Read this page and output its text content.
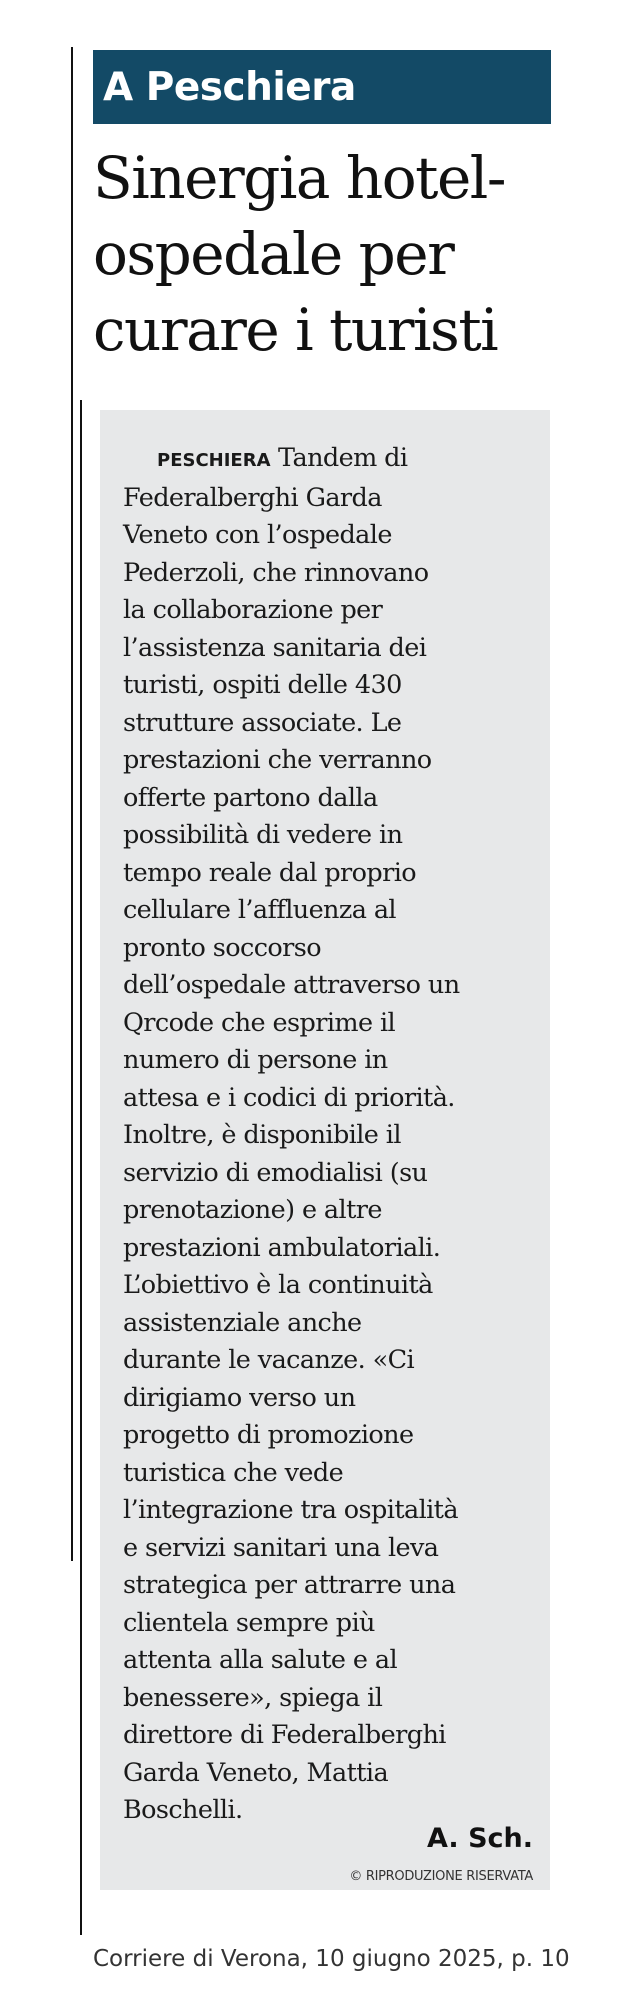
A Peschiera
Sinergia hotel-
ospedale per
curare i turisti
PESCHIERA Tandem di
Federalberghi Garda
Veneto con l’ospedale
Pederzoli, che rinnovano
la collaborazione per
l’assistenza sanitaria dei
turisti, ospiti delle 430
strutture associate. Le
prestazioni che verranno
offerte partono dalla
possibilità di vedere in
tempo reale dal proprio
cellulare l’affluenza al
pronto soccorso
dell’ospedale attraverso un
Qrcode che esprime il
numero di persone in
attesa e i codici di priorità.
Inoltre, è disponibile il
servizio di emodialisi (su
prenotazione) e altre
prestazioni ambulatoriali.
L’obiettivo è la continuità
assistenziale anche
durante le vacanze. «Ci
dirigiamo verso un
progetto di promozione
turistica che vede
l’integrazione tra ospitalità
e servizi sanitari una leva
strategica per attrarre una
clientela sempre più
attenta alla salute e al
benessere», spiega il
direttore di Federalberghi
Garda Veneto, Mattia
Boschelli.
A. Sch.
© RIPRODUZIONE RISERVATA
Corriere di Verona, 10 giugno 2025, p. 10
